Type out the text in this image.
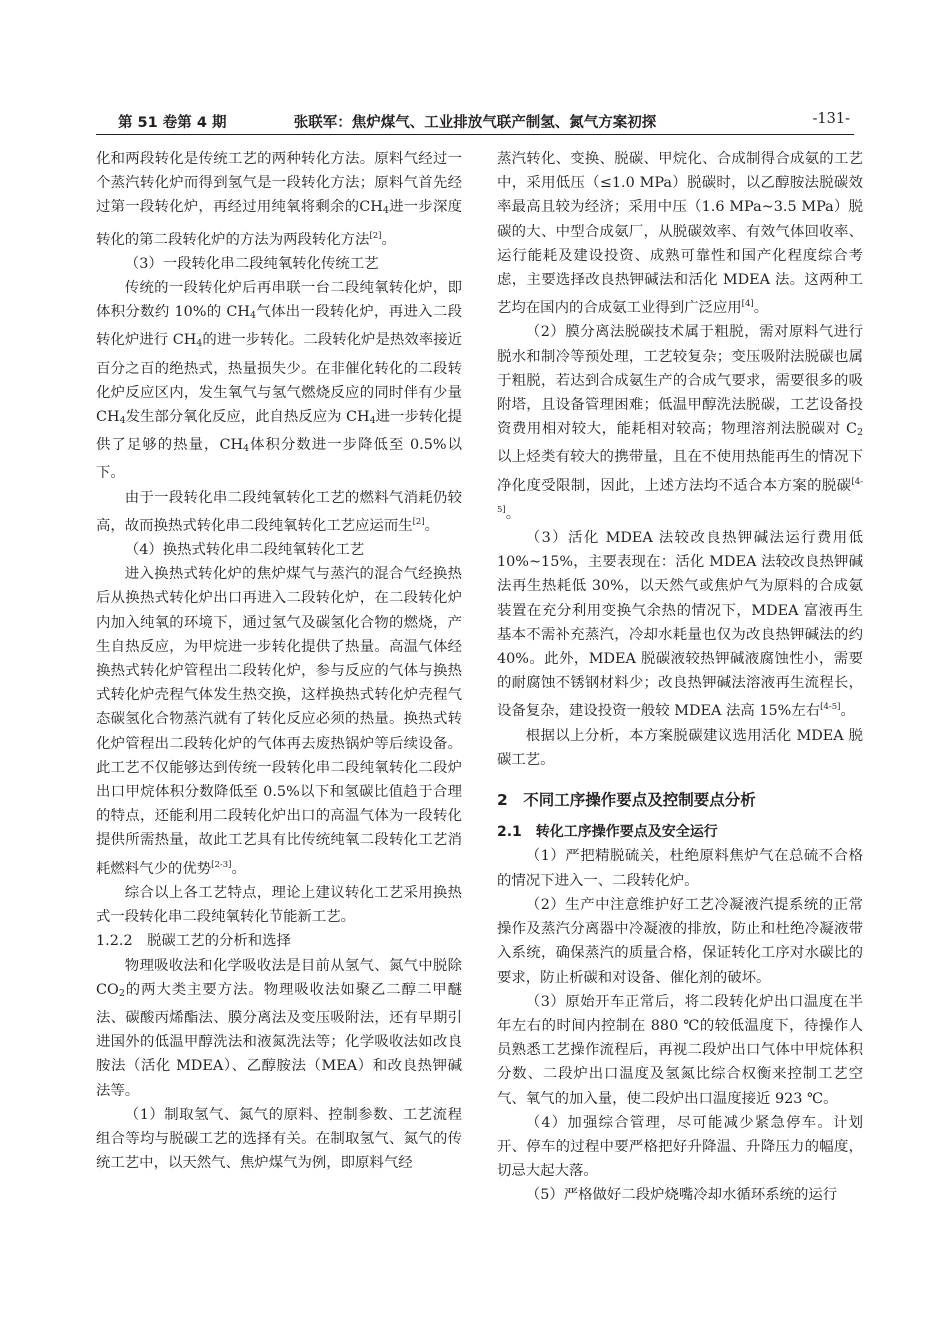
第 51 卷第 4 期	张联军：焦炉煤气、工业排放气联产制氢、氮气方案初探	-131-

化和两段转化是传统工艺的两种转化方法。原料气经过一个蒸汽转化炉而得到氢气是一段转化方法；原料气首先经过第一段转化炉，再经过用纯氧将剩余的$CH_4$进一步深度转化的第二段转化炉的方法为两段转化方法[2]。

（3）一段转化串二段纯氧转化传统工艺

传统的一段转化炉后再串联一台二段纯氧转化炉，即体积分数约 10%的 $CH_4$气体出一段转化炉，再进入二段转化炉进行 $CH_4$的进一步转化。二段转化炉是热效率接近百分之百的绝热式，热量损失少。在非催化转化的二段转化炉反应区内，发生氧气与氢气燃烧反应的同时伴有少量 $CH_4$发生部分氧化反应，此自热反应为 $CH_4$进一步转化提供了足够的热量，$CH_4$体积分数进一步降低至 0.5%以下。

由于一段转化串二段纯氧转化工艺的燃料气消耗仍较高，故而换热式转化串二段纯氧转化工艺应运而生[2]。

（4）换热式转化串二段纯氧转化工艺

进入换热式转化炉的焦炉煤气与蒸汽的混合气经换热后从换热式转化炉出口再进入二段转化炉，在二段转化炉内加入纯氧的环境下，通过氢气及碳氢化合物的燃烧，产生自热反应，为甲烷进一步转化提供了热量。高温气体经换热式转化炉管程出二段转化炉，参与反应的气体与换热式转化炉壳程气体发生热交换，这样换热式转化炉壳程气态碳氢化合物蒸汽就有了转化反应必须的热量。换热式转化炉管程出二段转化炉的气体再去废热锅炉等后续设备。此工艺不仅能够达到传统一段转化串二段纯氧转化二段炉出口甲烷体积分数降低至 0.5%以下和氢碳比值趋于合理的特点，还能利用二段转化炉出口的高温气体为一段转化提供所需热量，故此工艺具有比传统纯氧二段转化工艺消耗燃料气少的优势[2-3]。

综合以上各工艺特点，理论上建议转化工艺采用换热式一段转化串二段纯氧转化节能新工艺。

1.2.2　脱碳工艺的分析和选择

物理吸收法和化学吸收法是目前从氢气、氮气中脱除 $CO_2$的两大类主要方法。物理吸收法如聚乙二醇二甲醚法、碳酸丙烯酯法、膜分离法及变压吸附法，还有早期引进国外的低温甲醇洗法和液氮洗法等；化学吸收法如改良胺法（活化 MDEA）、乙醇胺法（MEA）和改良热钾碱法等。

（1）制取氢气、氮气的原料、控制参数、工艺流程组合等均与脱碳工艺的选择有关。在制取氢气、氮气的传统工艺中，以天然气、焦炉煤气为例，即原料气经

蒸汽转化、变换、脱碳、甲烷化、合成制得合成氨的工艺中，采用低压（≤1.0 MPa）脱碳时，以乙醇胺法脱碳效率最高且较为经济；采用中压（1.6 MPa~3.5 MPa）脱碳的大、中型合成氨厂，从脱碳效率、有效气体回收率、运行能耗及建设投资、成熟可靠性和国产化程度综合考虑，主要选择改良热钾碱法和活化 MDEA 法。这两种工艺均在国内的合成氨工业得到广泛应用[4]。

（2）膜分离法脱碳技术属于粗脱，需对原料气进行脱水和制冷等预处理，工艺较复杂；变压吸附法脱碳也属于粗脱，若达到合成氨生产的合成气要求，需要很多的吸附塔，且设备管理困难；低温甲醇洗法脱碳，工艺设备投资费用相对较大，能耗相对较高；物理溶剂法脱碳对 $C_2$以上烃类有较大的携带量，且在不使用热能再生的情况下净化度受限制，因此，上述方法均不适合本方案的脱碳[4-5]。

（3）活化 MDEA 法较改良热钾碱法运行费用低 10%~15%，主要表现在：活化 MDEA 法较改良热钾碱法再生热耗低 30%，以天然气或焦炉气为原料的合成氨装置在充分利用变换气余热的情况下，MDEA 富液再生基本不需补充蒸汽，冷却水耗量也仅为改良热钾碱法的约 40%。此外，MDEA 脱碳液较热钾碱液腐蚀性小，需要的耐腐蚀不锈钢材料少；改良热钾碱法溶液再生流程长，设备复杂，建设投资一般较 MDEA 法高 15%左右[4-5]。

根据以上分析，本方案脱碳建议选用活化 MDEA 脱碳工艺。

2　不同工序操作要点及控制要点分析
2.1　转化工序操作要点及安全运行

（1）严把精脱硫关，杜绝原料焦炉气在总硫不合格的情况下进入一、二段转化炉。

（2）生产中注意维护好工艺冷凝液汽提系统的正常操作及蒸汽分离器中冷凝液的排放，防止和杜绝冷凝液带入系统，确保蒸汽的质量合格，保证转化工序对水碳比的要求，防止析碳和对设备、催化剂的破坏。

（3）原始开车正常后，将二段转化炉出口温度在半年左右的时间内控制在 880 ℃的较低温度下，待操作人员熟悉工艺操作流程后，再视二段炉出口气体中甲烷体积分数、二段炉出口温度及氢氮比综合权衡来控制工艺空气、氧气的加入量，使二段炉出口温度接近 923 ℃。

（4）加强综合管理，尽可能减少紧急停车。计划开、停车的过程中要严格把好升降温、升降压力的幅度，切忌大起大落。

（5）严格做好二段炉烧嘴冷却水循环系统的运行
